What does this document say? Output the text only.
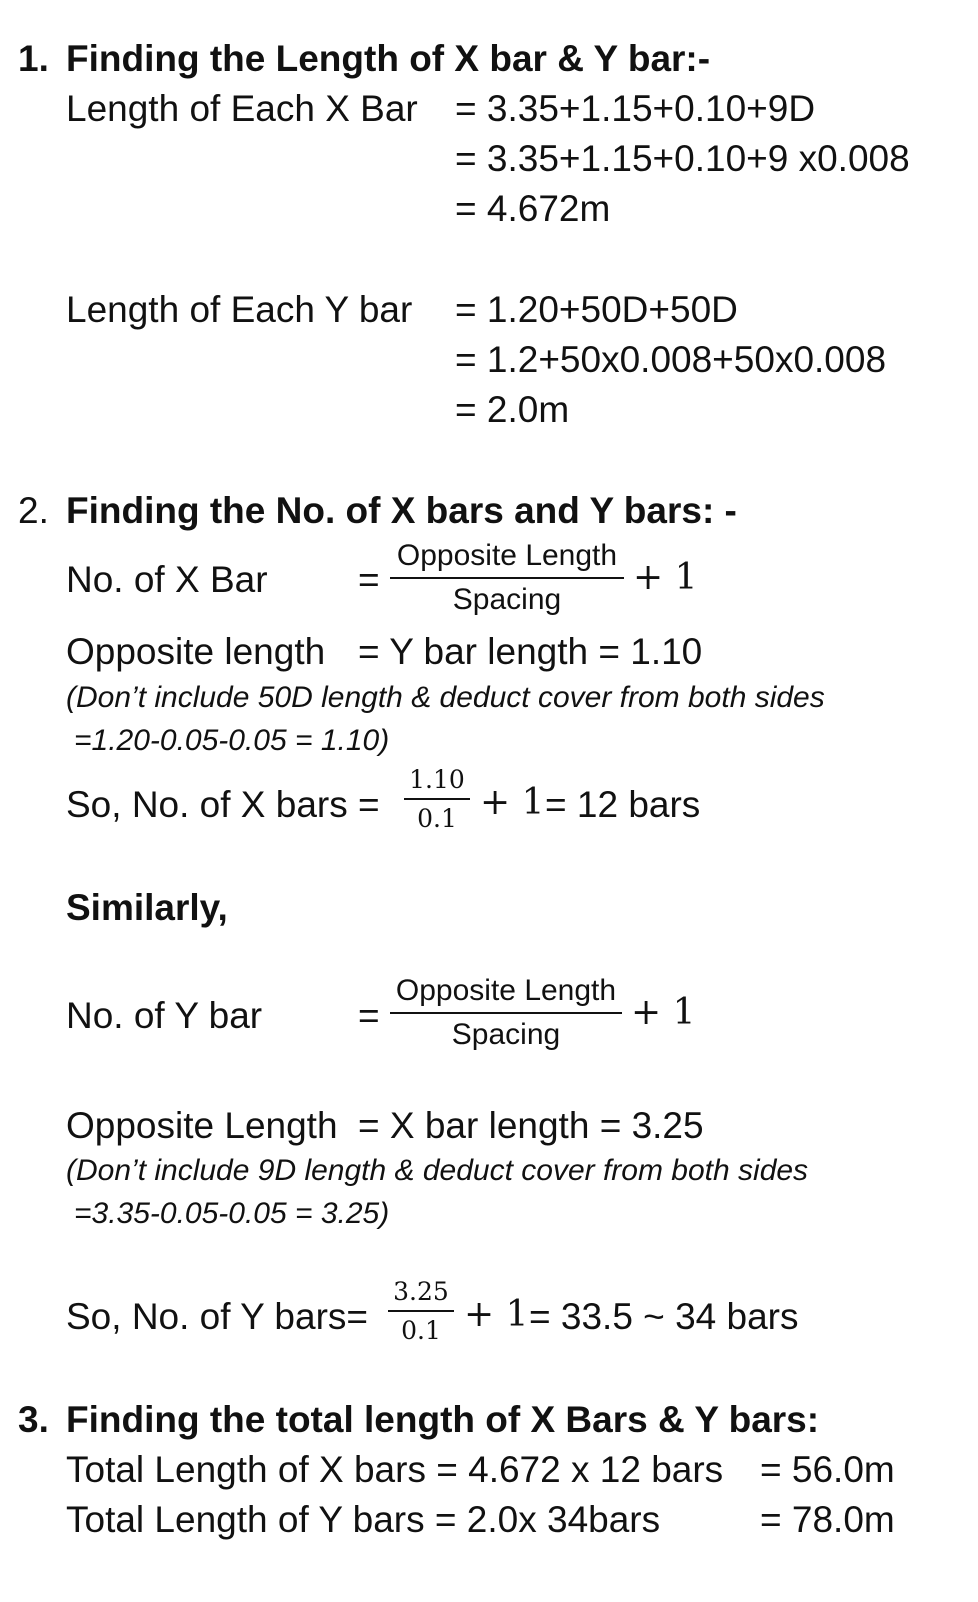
1. Finding the Length of X bar & Y bar:-
Length of Each X Bar = 3.35+1.15+0.10+9D
= 3.35+1.15+0.10+9 x0.008
= 4.672m
Length of Each Y bar = 1.20+50D+50D
= 1.2+50x0.008+50x0.008
= 2.0m
2. Finding the No. of X bars and Y bars: -
No. of X Bar =
Opposite Length
Spacing
+ 1
Opposite length = Y bar length = 1.10
(Don’t include 50D length & deduct cover from both sides
=1.20-0.05-0.05 = 1.10)
So, No. of X bars =
1.10
0.1 + 1 = 12 bars
Similarly,
No. of Y bar	=
Opposite Length
Spacing
+ 1
Opposite Length = X bar length = 3.25
(Don’t include 9D length & deduct cover from both sides
=3.35-0.05-0.05 = 3.25)
So, No. of Y bars=
3.25
0.1 + 1 = 33.5 ~ 34 bars
3. Finding the total length of X Bars & Y bars:
Total Length of X bars = 4.672 x 12 bars = 56.0m
Total Length of Y bars = 2.0x 34bars	= 78.0m
